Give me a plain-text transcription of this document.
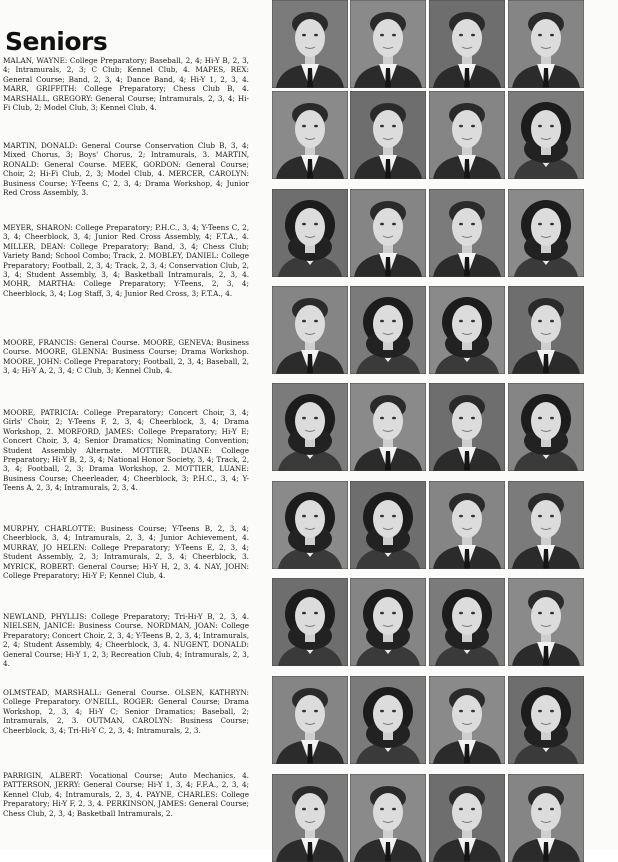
Seniors

MALAN, WAYNE: College Preparatory; Baseball, 2, 4; Hi-Y B, 2, 3, 4; Intramurals, 2, 3; C Club; Kennel Club, 4. MAPES, REX: General Course; Band, 2, 3, 4; Dance Band, 4; Hi-Y 1, 2, 3, 4. MARR, GRIFFITH: College Preparatory; Chess Club B, 4. MARSHALL, GREGORY: General Course; Intramurals, 2, 3, 4; Hi-Fi Club, 2; Model Club, 3; Kennel Club, 4.

MARTIN, DONALD: General Course Conservation Club B, 3, 4; Mixed Chorus, 3; Boys' Chorus, 2; Intramurals, 3. MARTIN, RONALD: General Course. MEEK, GORDON: General Course; Choir, 2; Hi-Fi Club, 2, 3; Model Club, 4. MERCER, CAROLYN: Business Course; Y-Teens C, 2, 3, 4; Drama Workshop, 4; Junior Red Cross Assembly, 3.

MEYER, SHARON: College Preparatory; P.H.C., 3, 4; Y-Teens C, 2, 3, 4; Cheerblock, 3, 4; Junior Red Cross Assembly, 4; F.T.A., 4. MILLER, DEAN: College Preparatory; Band, 3, 4; Chess Club; Variety Band; School Combo; Track, 2. MOBLEY, DANIEL: College Preparatory; Football, 2, 3, 4; Track, 2, 3, 4; Conservation Club, 2, 3, 4; Student Assembly, 3, 4; Basketball Intramurals, 2, 3, 4. MOHR, MARTHA: College Preparatory; Y-Teens, 2, 3, 4; Cheerblock, 3, 4; Log Staff, 3, 4; Junior Red Cross, 3; F.T.A., 4.

MOORE, FRANCIS: General Course. MOORE, GENEVA: Business Course. MOORE, GLENNA: Business Course; Drama Workshop. MOORE, JOHN: College Preparatory; Football, 2, 3, 4; Baseball, 2, 3, 4; Hi-Y A, 2, 3, 4; C Club, 3; Kennel Club, 4.

MOORE, PATRICIA: College Preparatory; Concert Choir, 3, 4; Girls' Choir, 2; Y-Teens F, 2, 3, 4; Cheerblock, 3, 4; Drama Workshop, 2. MORFORD, JAMES: College Preparatory; Hi-Y E; Concert Choir, 3, 4; Senior Dramatics; Nominating Convention; Student Assembly Alternate. MOTTIER, DUANE: College Preparatory; Hi-Y B, 2, 3, 4; National Honor Society, 3, 4; Track, 2, 3, 4; Football, 2, 3; Drama Workshop, 2. MOTTIER, LUANE: Business Course; Cheerleader, 4; Cheerblock, 3; P.H.C., 3, 4; Y-Teens A, 2, 3, 4; Intramurals, 2, 3, 4.

MURPHY, CHARLOTTE: Business Course; Y-Teens B, 2, 3, 4; Cheerblock, 3, 4; Intramurals, 2, 3, 4; Junior Achievement, 4. MURRAY, JO HELEN: College Preparatory; Y-Teens E, 2, 3, 4; Student Assembly, 2, 3; Intramurals, 2, 3, 4; Cheerblock, 3. MYRICK, ROBERT: General Course; Hi-Y H, 2, 3, 4. NAY, JOHN: College Preparatory; Hi-Y F; Kennel Club, 4.

NEWLAND, PHYLLIS: College Preparatory; Tri-Hi-Y B, 2, 3, 4. NIELSEN, JANICE: Business Course. NORDMAN, JOAN: College Preparatory; Concert Choir, 2, 3, 4; Y-Teens B, 2, 3, 4; Intramurals, 2, 4; Student Assembly, 4; Cheerblock, 3, 4. NUGENT, DONALD: General Course; Hi-Y 1, 2, 3; Recreation Club, 4; Intramurals, 2, 3, 4.

OLMSTEAD, MARSHALL: General Course. OLSEN, KATHRYN: College Preparatory. O'NEILL, ROGER: General Course; Drama Workshop, 2, 3, 4; Hi-Y C; Senior Dramatics; Baseball, 2; Intramurals, 2, 3. OUTMAN, CAROLYN: Business Course; Cheerblock, 3, 4; Tri-Hi-Y C, 2, 3, 4; Intramurals, 2, 3.

PARRIGIN, ALBERT: Vocational Course; Auto Mechanics, 4. PATTERSON, JERRY: General Course; Hi-Y 1, 3, 4; F.F.A., 2, 3, 4; Kennel Club, 4; Intramurals, 2, 3, 4. PAYNE, CHARLES: College Preparatory; Hi-Y F, 2, 3, 4. PERKINSON, JAMES: General Course; Chess Club, 2, 3, 4; Basketball Intramurals, 2.
